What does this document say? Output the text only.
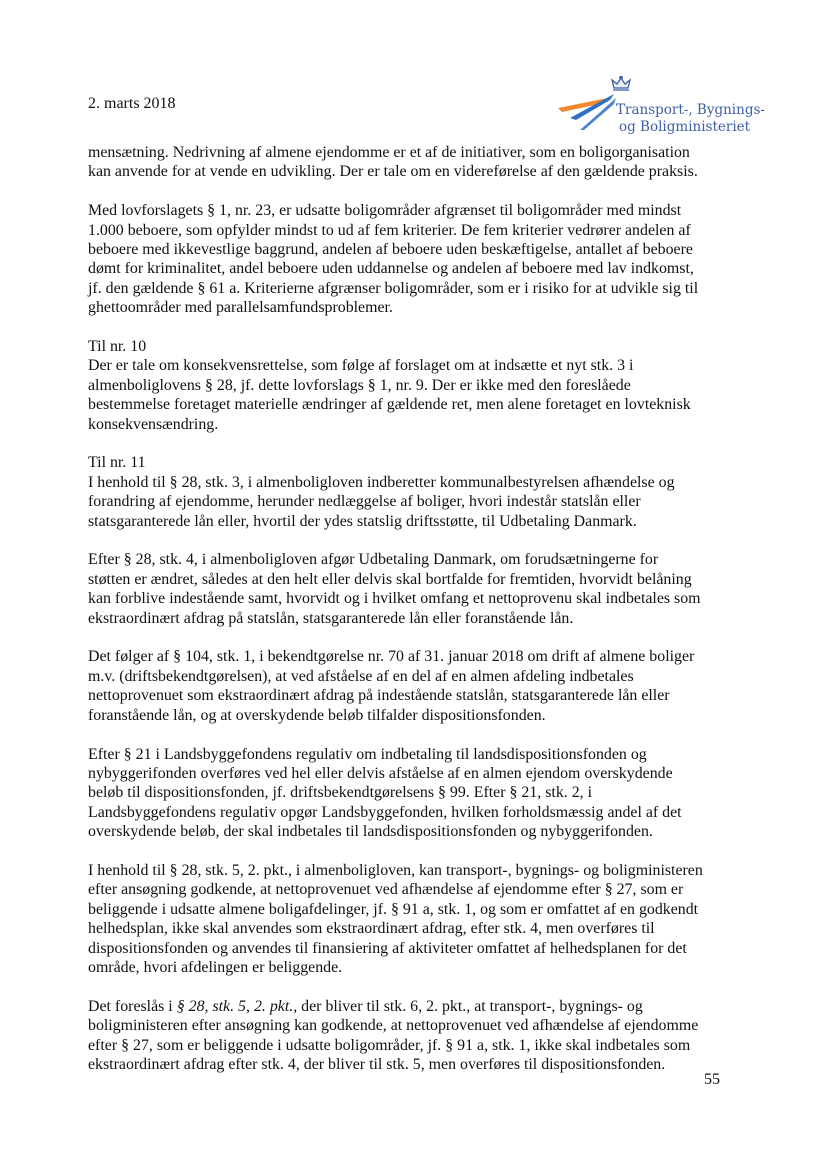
2. marts 2018	Transport-, Bygnings-
og Boligministeriet

mensætning. Nedrivning af almene ejendomme er et af de initiativer, som en boligorganisation kan anvende for at vende en udvikling. Der er tale om en videreførelse af den gældende praksis.

Med lovforslagets § 1, nr. 23, er udsatte boligområder afgrænset til boligområder med mindst 1.000 beboere, som opfylder mindst to ud af fem kriterier. De fem kriterier vedrører andelen af beboere med ikkevestlige baggrund, andelen af beboere uden beskæftigelse, antallet af beboere dømt for kriminalitet, andel beboere uden uddannelse og andelen af beboere med lav indkomst, jf. den gældende § 61 a. Kriterierne afgrænser boligområder, som er i risiko for at udvikle sig til ghettoområder med parallelsamfundsproblemer.

Til nr. 10
Der er tale om konsekvensrettelse, som følge af forslaget om at indsætte et nyt stk. 3 i almenboliglovens § 28, jf. dette lovforslags § 1, nr. 9. Der er ikke med den foreslåede bestemmelse foretaget materielle ændringer af gældende ret, men alene foretaget en lovteknisk konsekvensændring.

Til nr. 11
I henhold til § 28, stk. 3, i almenboligloven indberetter kommunalbestyrelsen afhændelse og forandring af ejendomme, herunder nedlæggelse af boliger, hvori indestår statslån eller statsgaranterede lån eller, hvortil der ydes statslig driftsstøtte, til Udbetaling Danmark.

Efter § 28, stk. 4, i almenboligloven afgør Udbetaling Danmark, om forudsætningerne for støtten er ændret, således at den helt eller delvis skal bortfalde for fremtiden, hvorvidt belåning kan forblive indestående samt, hvorvidt og i hvilket omfang et nettoprovenu skal indbetales som ekstraordinært afdrag på statslån, statsgaranterede lån eller foranstående lån.

Det følger af § 104, stk. 1, i bekendtgørelse nr. 70 af 31. januar 2018 om drift af almene boliger m.v. (driftsbekendtgørelsen), at ved afståelse af en del af en almen afdeling indbetales nettoprovenuet som ekstraordinært afdrag på indestående statslån, statsgaranterede lån eller foranstående lån, og at overskydende beløb tilfalder dispositionsfonden.

Efter § 21 i Landsbyggefondens regulativ om indbetaling til landsdispositionsfonden og nybyggerifonden overføres ved hel eller delvis afståelse af en almen ejendom overskydende beløb til dispositionsfonden, jf. driftsbekendtgørelsens § 99. Efter § 21, stk. 2, i Landsbyggefondens regulativ opgør Landsbyggefonden, hvilken forholdsmæssig andel af det overskydende beløb, der skal indbetales til landsdispositionsfonden og nybyggerifonden.

I henhold til § 28, stk. 5, 2. pkt., i almenboligloven, kan transport-, bygnings- og boligministeren efter ansøgning godkende, at nettoprovenuet ved afhændelse af ejendomme efter § 27, som er beliggende i udsatte almene boligafdelinger, jf. § 91 a, stk. 1, og som er omfattet af en godkendt helhedsplan, ikke skal anvendes som ekstraordinært afdrag, efter stk. 4, men overføres til dispositionsfonden og anvendes til finansiering af aktiviteter omfattet af helhedsplanen for det område, hvori afdelingen er beliggende.

Det foreslås i § 28, stk. 5, 2. pkt., der bliver til stk. 6, 2. pkt., at transport-, bygnings- og boligministeren efter ansøgning kan godkende, at nettoprovenuet ved afhændelse af ejendomme efter § 27, som er beliggende i udsatte boligområder, jf. § 91 a, stk. 1, ikke skal indbetales som ekstraordinært afdrag efter stk. 4, der bliver til stk. 5, men overføres til dispositionsfonden.

55
